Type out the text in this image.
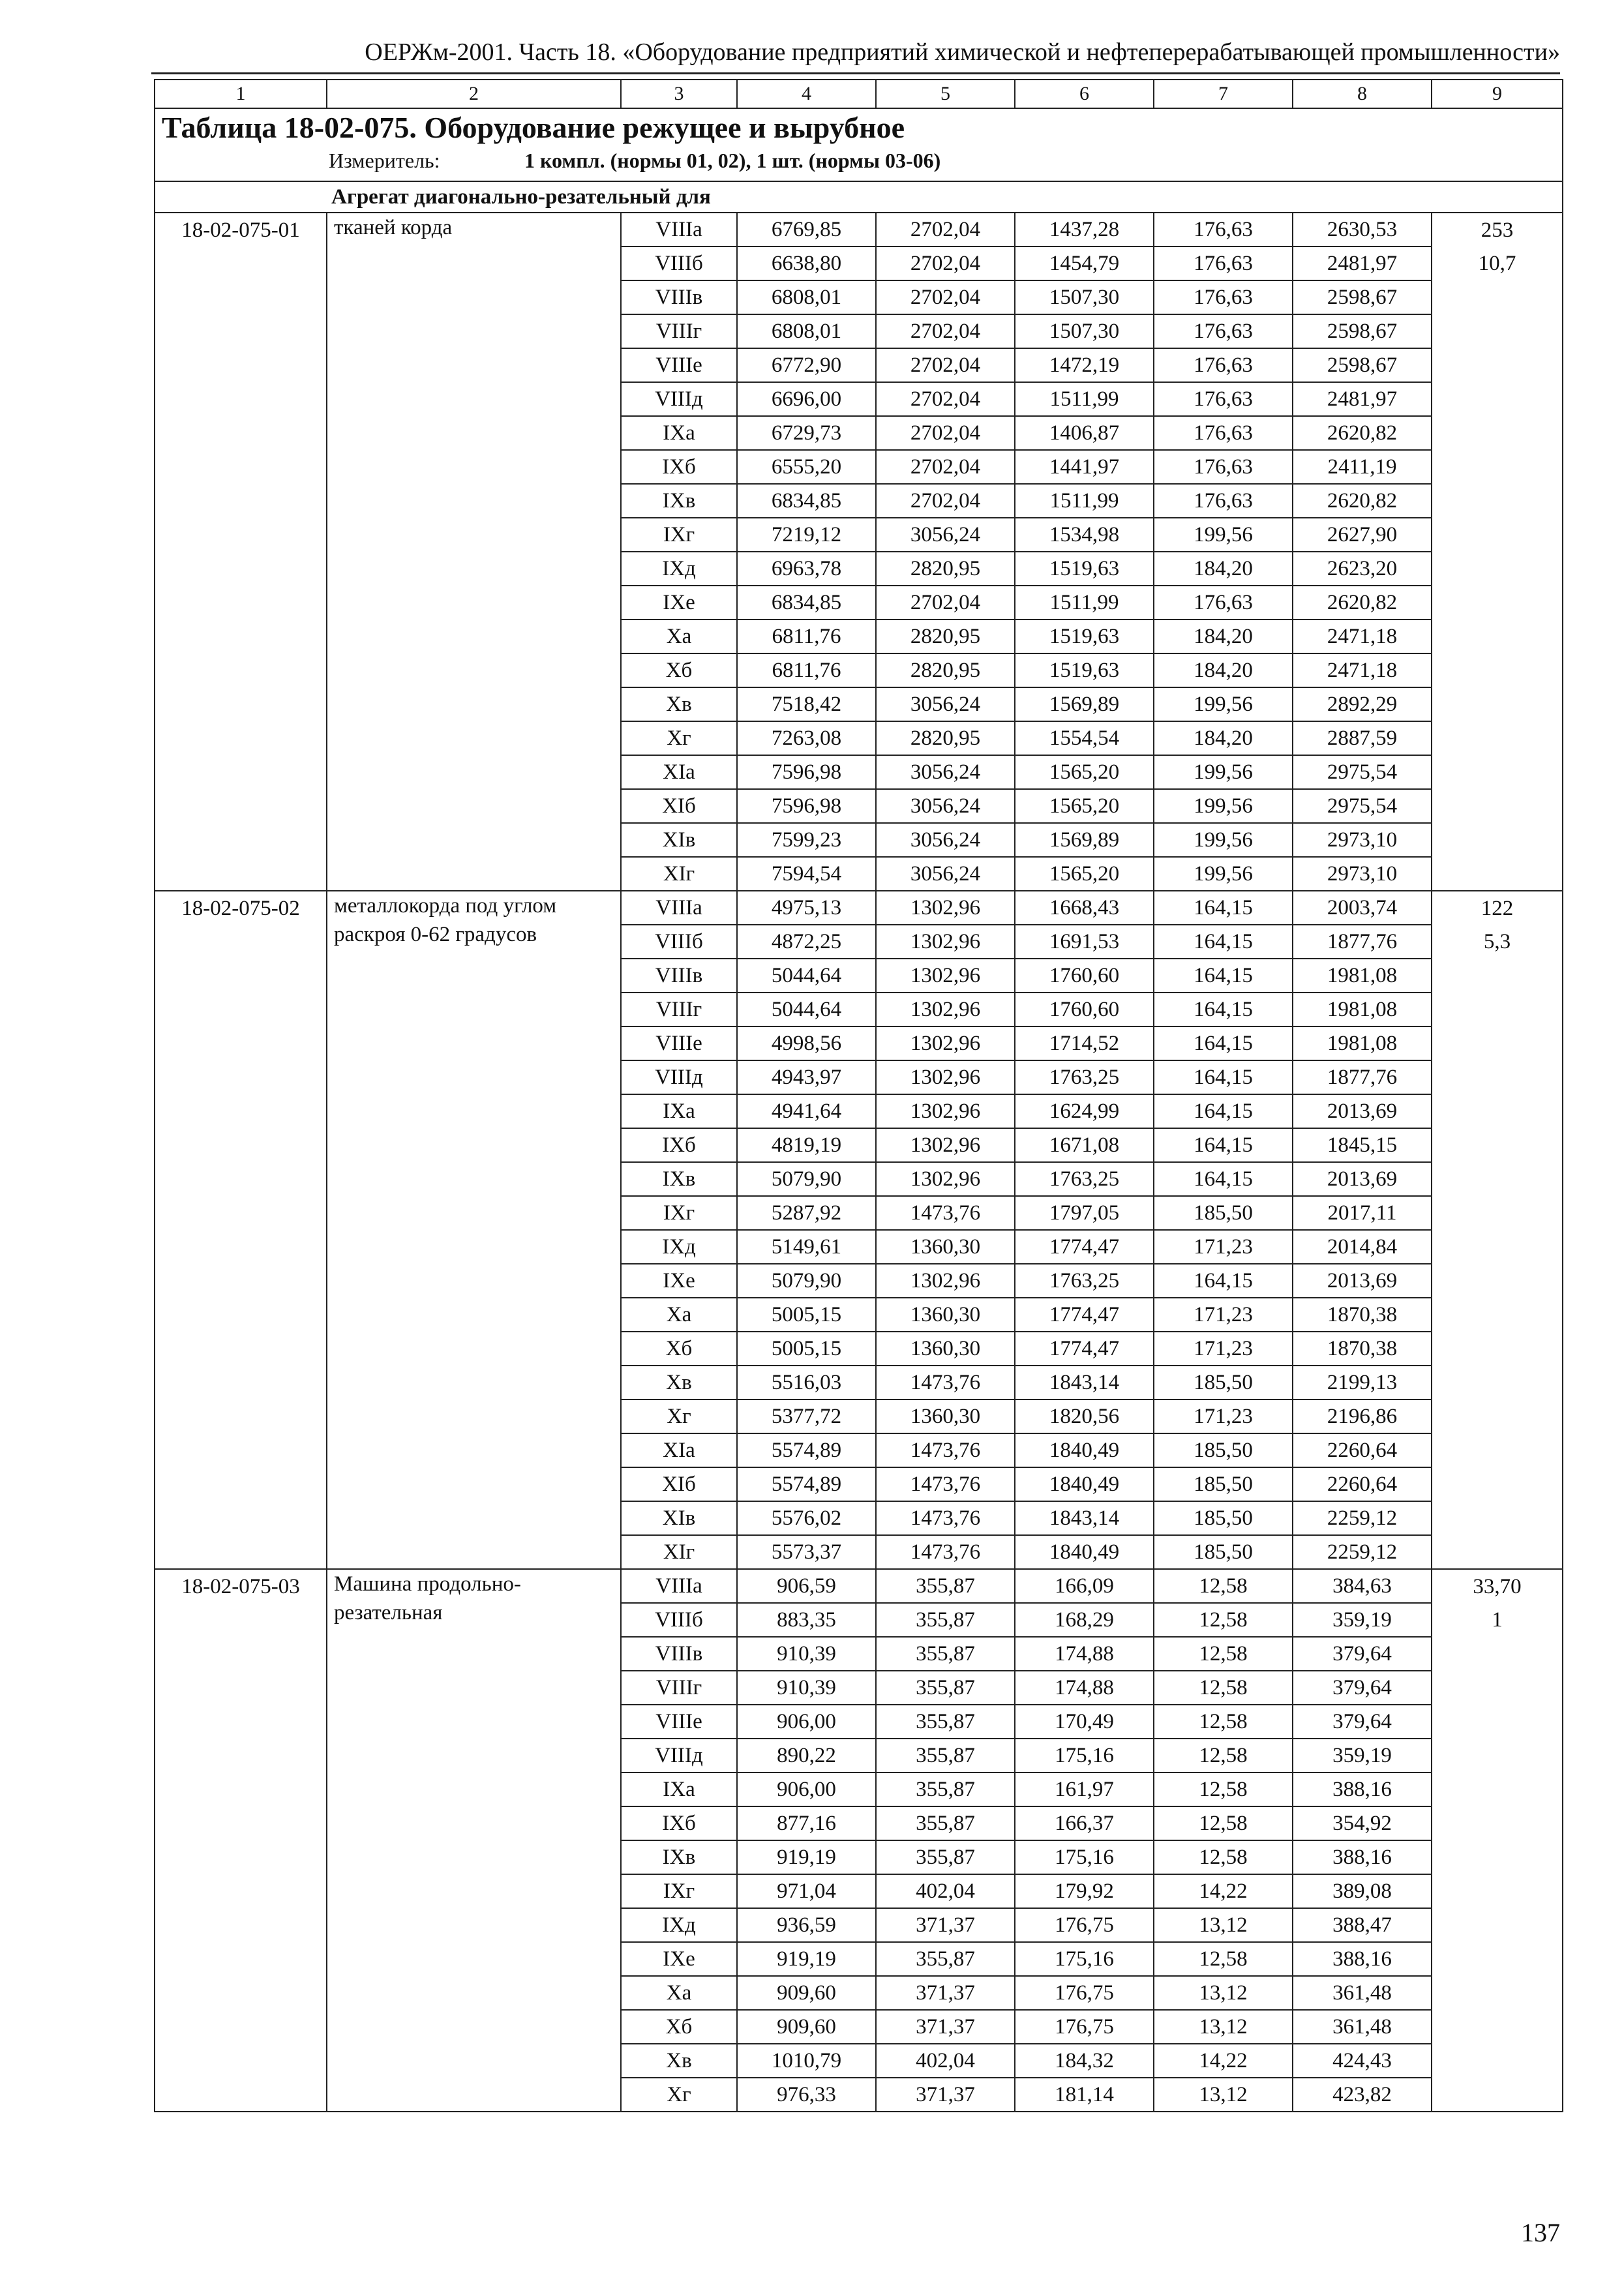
ОЕРЖм-2001. Часть 18. «Оборудование предприятий химической и нефтеперерабатывающей промышленности»
1	2	3	4	5	6	7	8	9

Таблица 18-02-075. Оборудование режущее и вырубное
Измеритель: 1 компл. (нормы 01, 02), 1 шт. (нормы 03-06)								

Агрегат диагонально-резательный для								
18-02-075-01	тканей корда	VIIIа	6769,85	2702,04	1437,28	176,63	2630,53	253
		VIIIб	6638,80	2702,04	1454,79	176,63	2481,97	10,7
		VIIIв	6808,01	2702,04	1507,30	176,63	2598,67	
		VIIIг	6808,01	2702,04	1507,30	176,63	2598,67	
		VIIIе	6772,90	2702,04	1472,19	176,63	2598,67	
		VIIIд	6696,00	2702,04	1511,99	176,63	2481,97	
		IXа	6729,73	2702,04	1406,87	176,63	2620,82	
		IXб	6555,20	2702,04	1441,97	176,63	2411,19	
		IXв	6834,85	2702,04	1511,99	176,63	2620,82	
		IXг	7219,12	3056,24	1534,98	199,56	2627,90	
		IXд	6963,78	2820,95	1519,63	184,20	2623,20	
		IXе	6834,85	2702,04	1511,99	176,63	2620,82	
		Xа	6811,76	2820,95	1519,63	184,20	2471,18	
		Xб	6811,76	2820,95	1519,63	184,20	2471,18	
		Xв	7518,42	3056,24	1569,89	199,56	2892,29	
		Xг	7263,08	2820,95	1554,54	184,20	2887,59	
		XIа	7596,98	3056,24	1565,20	199,56	2975,54	
		XIб	7596,98	3056,24	1565,20	199,56	2975,54	
		XIв	7599,23	3056,24	1569,89	199,56	2973,10	
		XIг	7594,54	3056,24	1565,20	199,56	2973,10	
18-02-075-02	металлокорда под углом раскроя 0-62 градусов	VIIIа	4975,13	1302,96	1668,43	164,15	2003,74	122
		VIIIб	4872,25	1302,96	1691,53	164,15	1877,76	5,3
		VIIIв	5044,64	1302,96	1760,60	164,15	1981,08	
		VIIIг	5044,64	1302,96	1760,60	164,15	1981,08	
		VIIIе	4998,56	1302,96	1714,52	164,15	1981,08	
		VIIIд	4943,97	1302,96	1763,25	164,15	1877,76	
		IXа	4941,64	1302,96	1624,99	164,15	2013,69	
		IXб	4819,19	1302,96	1671,08	164,15	1845,15	
		IXв	5079,90	1302,96	1763,25	164,15	2013,69	
		IXг	5287,92	1473,76	1797,05	185,50	2017,11	
		IXд	5149,61	1360,30	1774,47	171,23	2014,84	
		IXе	5079,90	1302,96	1763,25	164,15	2013,69	
		Xа	5005,15	1360,30	1774,47	171,23	1870,38	
		Xб	5005,15	1360,30	1774,47	171,23	1870,38	
		Xв	5516,03	1473,76	1843,14	185,50	2199,13	
		Xг	5377,72	1360,30	1820,56	171,23	2196,86	
		XIа	5574,89	1473,76	1840,49	185,50	2260,64	
		XIб	5574,89	1473,76	1840,49	185,50	2260,64	
		XIв	5576,02	1473,76	1843,14	185,50	2259,12	
		XIг	5573,37	1473,76	1840,49	185,50	2259,12	
18-02-075-03	Машина продольно-резательная	VIIIа	906,59	355,87	166,09	12,58	384,63	33,70
		VIIIб	883,35	355,87	168,29	12,58	359,19	1
		VIIIв	910,39	355,87	174,88	12,58	379,64	
		VIIIг	910,39	355,87	174,88	12,58	379,64	
		VIIIе	906,00	355,87	170,49	12,58	379,64	
		VIIIд	890,22	355,87	175,16	12,58	359,19	
		IXа	906,00	355,87	161,97	12,58	388,16	
		IXб	877,16	355,87	166,37	12,58	354,92	
		IXв	919,19	355,87	175,16	12,58	388,16	
		IXг	971,04	402,04	179,92	14,22	389,08	
		IXд	936,59	371,37	176,75	13,12	388,47	
		IXе	919,19	355,87	175,16	12,58	388,16	
		Xа	909,60	371,37	176,75	13,12	361,48	
		Xб	909,60	371,37	176,75	13,12	361,48	
		Xв	1010,79	402,04	184,32	14,22	424,43	
		Xг	976,33	371,37	181,14	13,12	423,82	
137
